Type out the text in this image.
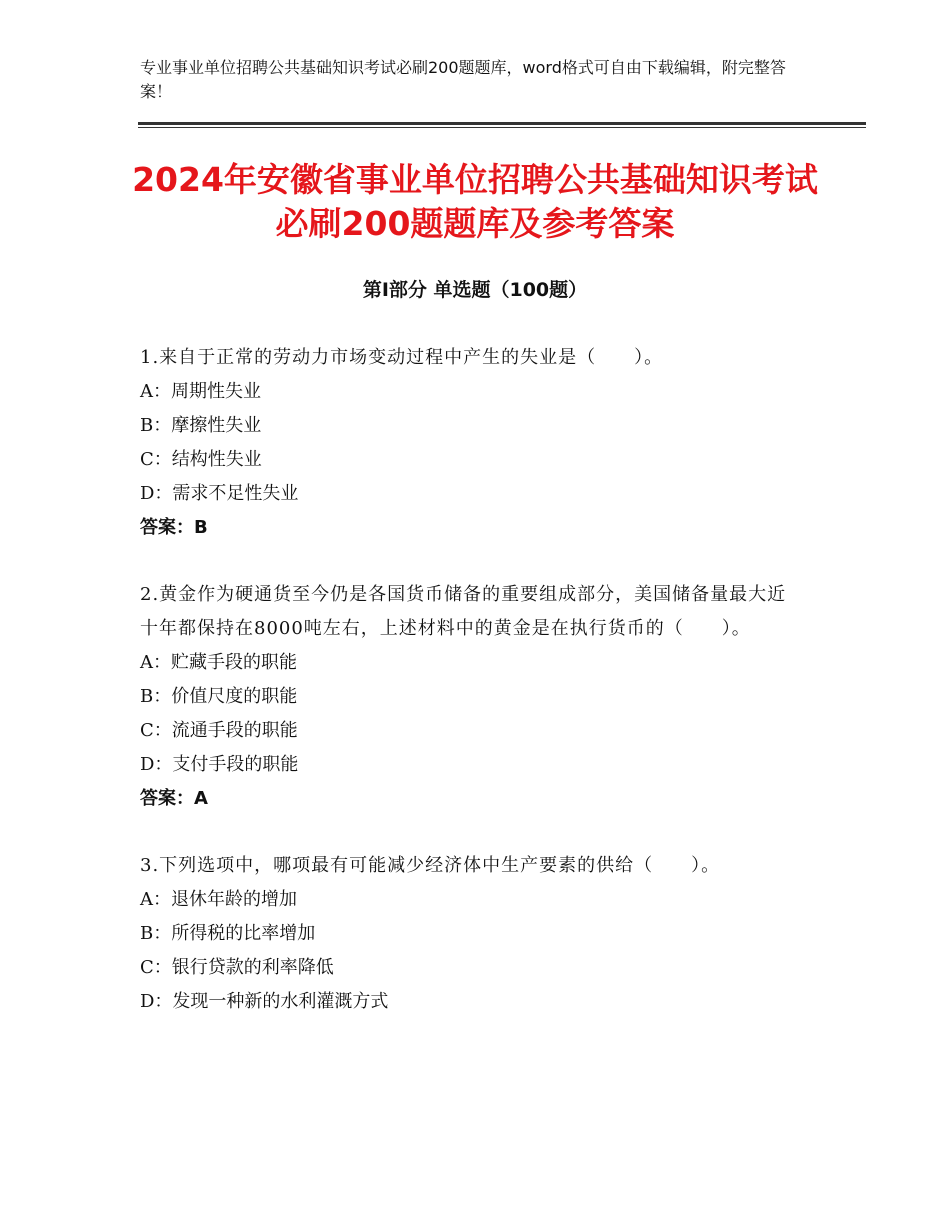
专业事业单位招聘公共基础知识考试必刷200题题库，word格式可自由下载编辑，附完整答案！
2024年安徽省事业单位招聘公共基础知识考试必刷200题题库及参考答案
第Ⅰ部分 单选题（100题）
1.来自于正常的劳动力市场变动过程中产生的失业是（　　）。
A：周期性失业
B：摩擦性失业
C：结构性失业
D：需求不足性失业
答案：B
2.黄金作为硬通货至今仍是各国货币储备的重要组成部分，美国储备量最大近十年都保持在8000吨左右，上述材料中的黄金是在执行货币的（　　）。
A：贮藏手段的职能
B：价值尺度的职能
C：流通手段的职能
D：支付手段的职能
答案：A
3.下列选项中，哪项最有可能减少经济体中生产要素的供给（　　）。
A：退休年龄的增加
B：所得税的比率增加
C：银行贷款的利率降低
D：发现一种新的水利灌溉方式
